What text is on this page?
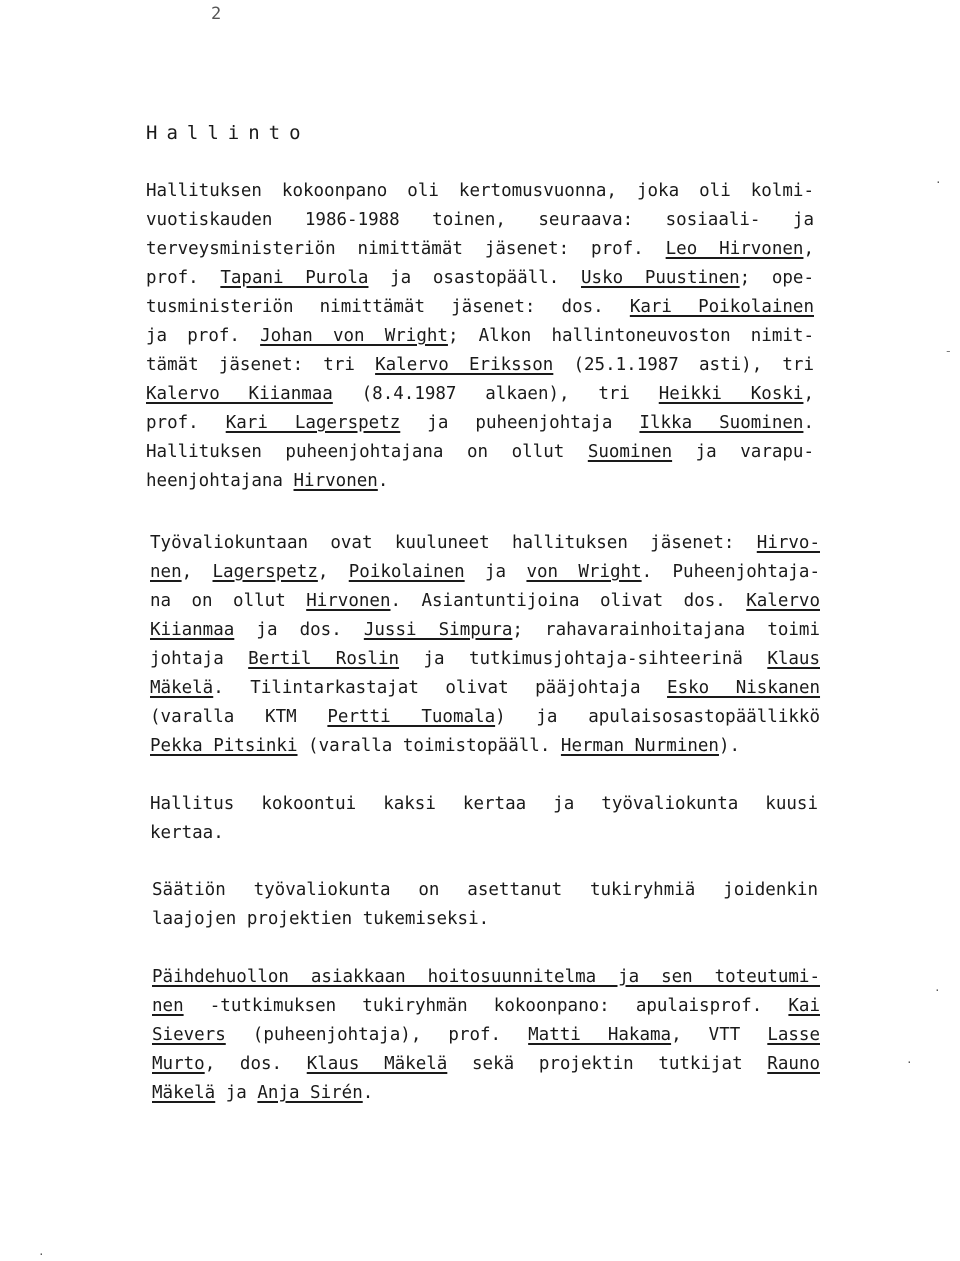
2
Hallinto
Hallituksen kokoonpano oli kertomusvuonna, joka oli kolmi-
vuotiskauden 1986-1988 toinen, seuraava: sosiaali- ja
terveysministeriön nimittämät jäsenet: prof. Leo Hirvonen,
prof. Tapani Purola ja osastopääll. Usko Puustinen; ope-
tusministeriön nimittämät jäsenet: dos. Kari Poikolainen
ja prof. Johan von Wright; Alkon hallintoneuvoston nimit-
tämät jäsenet: tri Kalervo Eriksson (25.1.1987 asti), tri
Kalervo Kiianmaa (8.4.1987 alkaen), tri Heikki Koski,
prof. Kari Lagerspetz ja puheenjohtaja Ilkka Suominen.
Hallituksen puheenjohtajana on ollut Suominen ja varapu-
heenjohtajana Hirvonen.
Työvaliokuntaan ovat kuuluneet hallituksen jäsenet: Hirvo-
nen, Lagerspetz, Poikolainen ja von Wright. Puheenjohtaja-
na on ollut Hirvonen. Asiantuntijoina olivat dos. Kalervo
Kiianmaa ja dos. Jussi Simpura; rahavarainhoitajana toimi
johtaja Bertil Roslin ja tutkimusjohtaja-sihteerinä Klaus
Mäkelä. Tilintarkastajat olivat pääjohtaja Esko Niskanen
(varalla KTM Pertti Tuomala) ja apulaisosastopäällikkö
Pekka Pitsinki (varalla toimistopääll. Herman Nurminen).
Hallitus kokoontui kaksi kertaa ja työvaliokunta kuusi
kertaa.
Säätiön työvaliokunta on asettanut tukiryhmiä joidenkin
laajojen projektien tukemiseksi.
Päihdehuollon asiakkaan hoitosuunnitelma ja sen toteutumi-
nen -tutkimuksen tukiryhmän kokoonpano: apulaisprof. Kai
Sievers (puheenjohtaja), prof. Matti Hakama, VTT Lasse
Murto, dos. Klaus Mäkelä sekä projektin tutkijat Rauno
Mäkelä ja Anja Sirén.
·
ˍ
·
·
·
